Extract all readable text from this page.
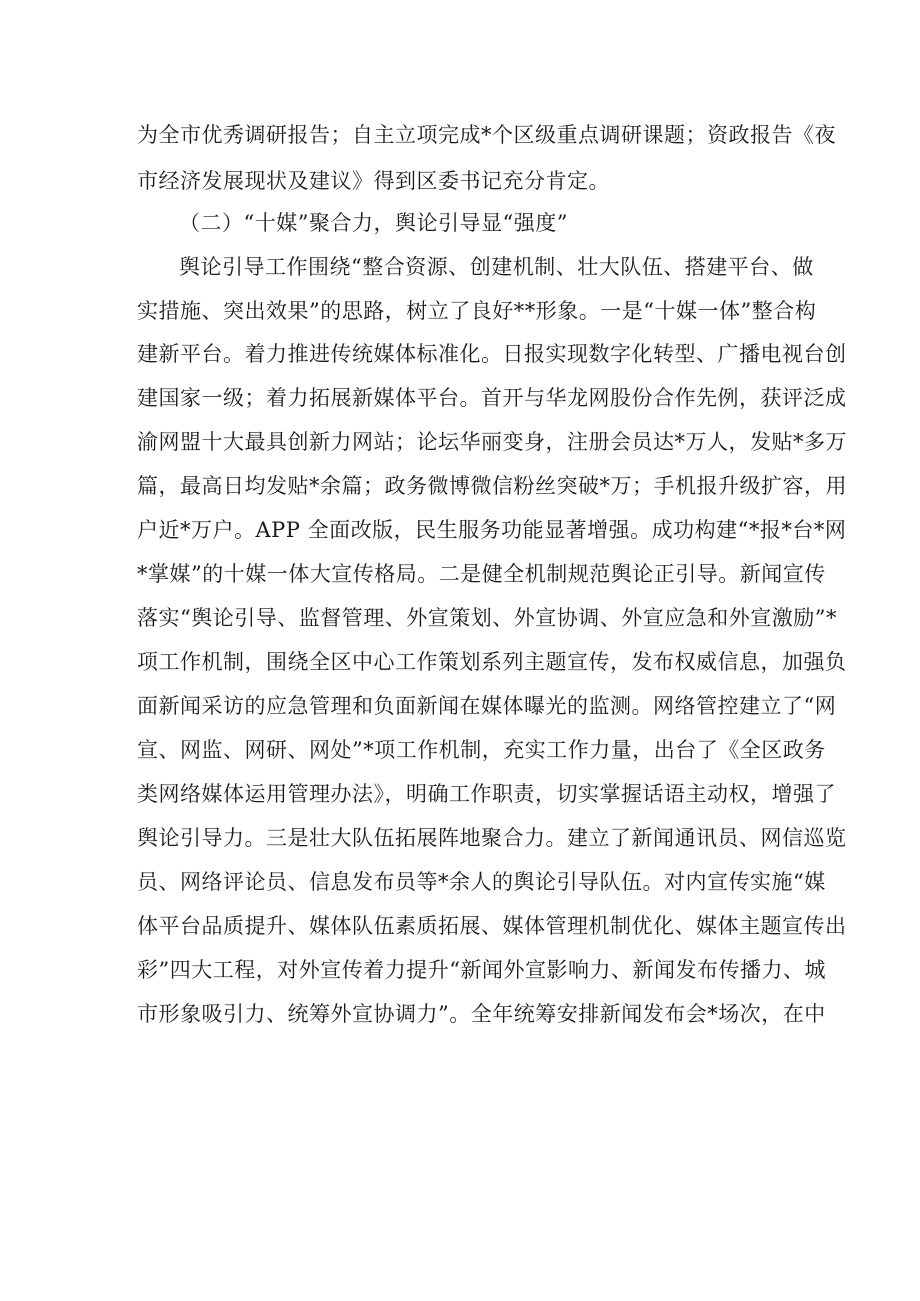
为全市优秀调研报告；自主立项完成*个区级重点调研课题；资政报告《夜
市经济发展现状及建议》得到区委书记充分肯定。
（二）“十媒”聚合力，舆论引导显“强度”
舆论引导工作围绕“整合资源、创建机制、壮大队伍、搭建平台、做
实措施、突出效果”的思路，树立了良好**形象。一是“十媒一体”整合构
建新平台。着力推进传统媒体标准化。日报实现数字化转型、广播电视台创
建国家一级；着力拓展新媒体平台。首开与华龙网股份合作先例，获评泛成
渝网盟十大最具创新力网站；论坛华丽变身，注册会员达*万人，发贴*多万
篇，最高日均发贴*余篇；政务微博微信粉丝突破*万；手机报升级扩容，用
户近*万户。APP 全面改版，民生服务功能显著增强。成功构建“*报*台*网
*掌媒”的十媒一体大宣传格局。二是健全机制规范舆论正引导。新闻宣传
落实“舆论引导、监督管理、外宣策划、外宣协调、外宣应急和外宣激励”*
项工作机制，围绕全区中心工作策划系列主题宣传，发布权威信息，加强负
面新闻采访的应急管理和负面新闻在媒体曝光的监测。网络管控建立了“网
宣、网监、网研、网处”*项工作机制，充实工作力量，出台了《全区政务
类网络媒体运用管理办法》，明确工作职责，切实掌握话语主动权，增强了
舆论引导力。三是壮大队伍拓展阵地聚合力。建立了新闻通讯员、网信巡览
员、网络评论员、信息发布员等*余人的舆论引导队伍。对内宣传实施“媒
体平台品质提升、媒体队伍素质拓展、媒体管理机制优化、媒体主题宣传出
彩”四大工程，对外宣传着力提升“新闻外宣影响力、新闻发布传播力、城
市形象吸引力、统筹外宣协调力”。全年统筹安排新闻发布会*场次，在中
